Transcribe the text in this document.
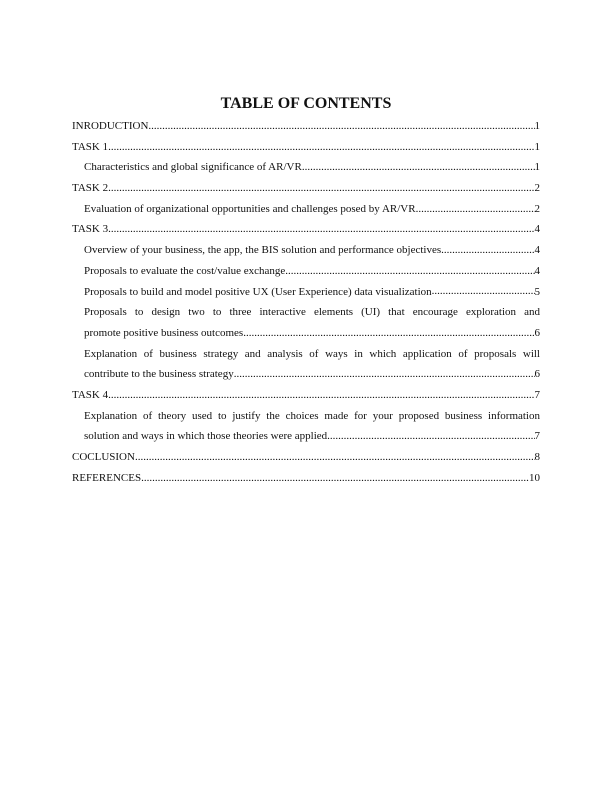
TABLE OF CONTENTS
INRODUCTION .....	1
TASK 1 .....	1
Characteristics and global significance of AR/VR .....	1
TASK 2 .....	2
Evaluation of organizational opportunities and challenges posed by AR/VR .....	2
TASK 3 .....	4
Overview of your business, the app, the BIS solution and performance objectives .....	4
Proposals to evaluate the cost/value exchange .....	4
Proposals to build and model positive UX (User Experience) data visualization .....	5
Proposals to design two to three interactive elements (UI) that encourage exploration and
promote positive business outcomes .....	6
Explanation of business strategy and analysis of ways in which application of proposals will
contribute to the business strategy .....	6
TASK 4 .....	7
Explanation of theory used to justify the choices made for your proposed business information
solution and ways in which those theories were applied .....	7
COCLUSION .....	8
REFERENCES .....	10
